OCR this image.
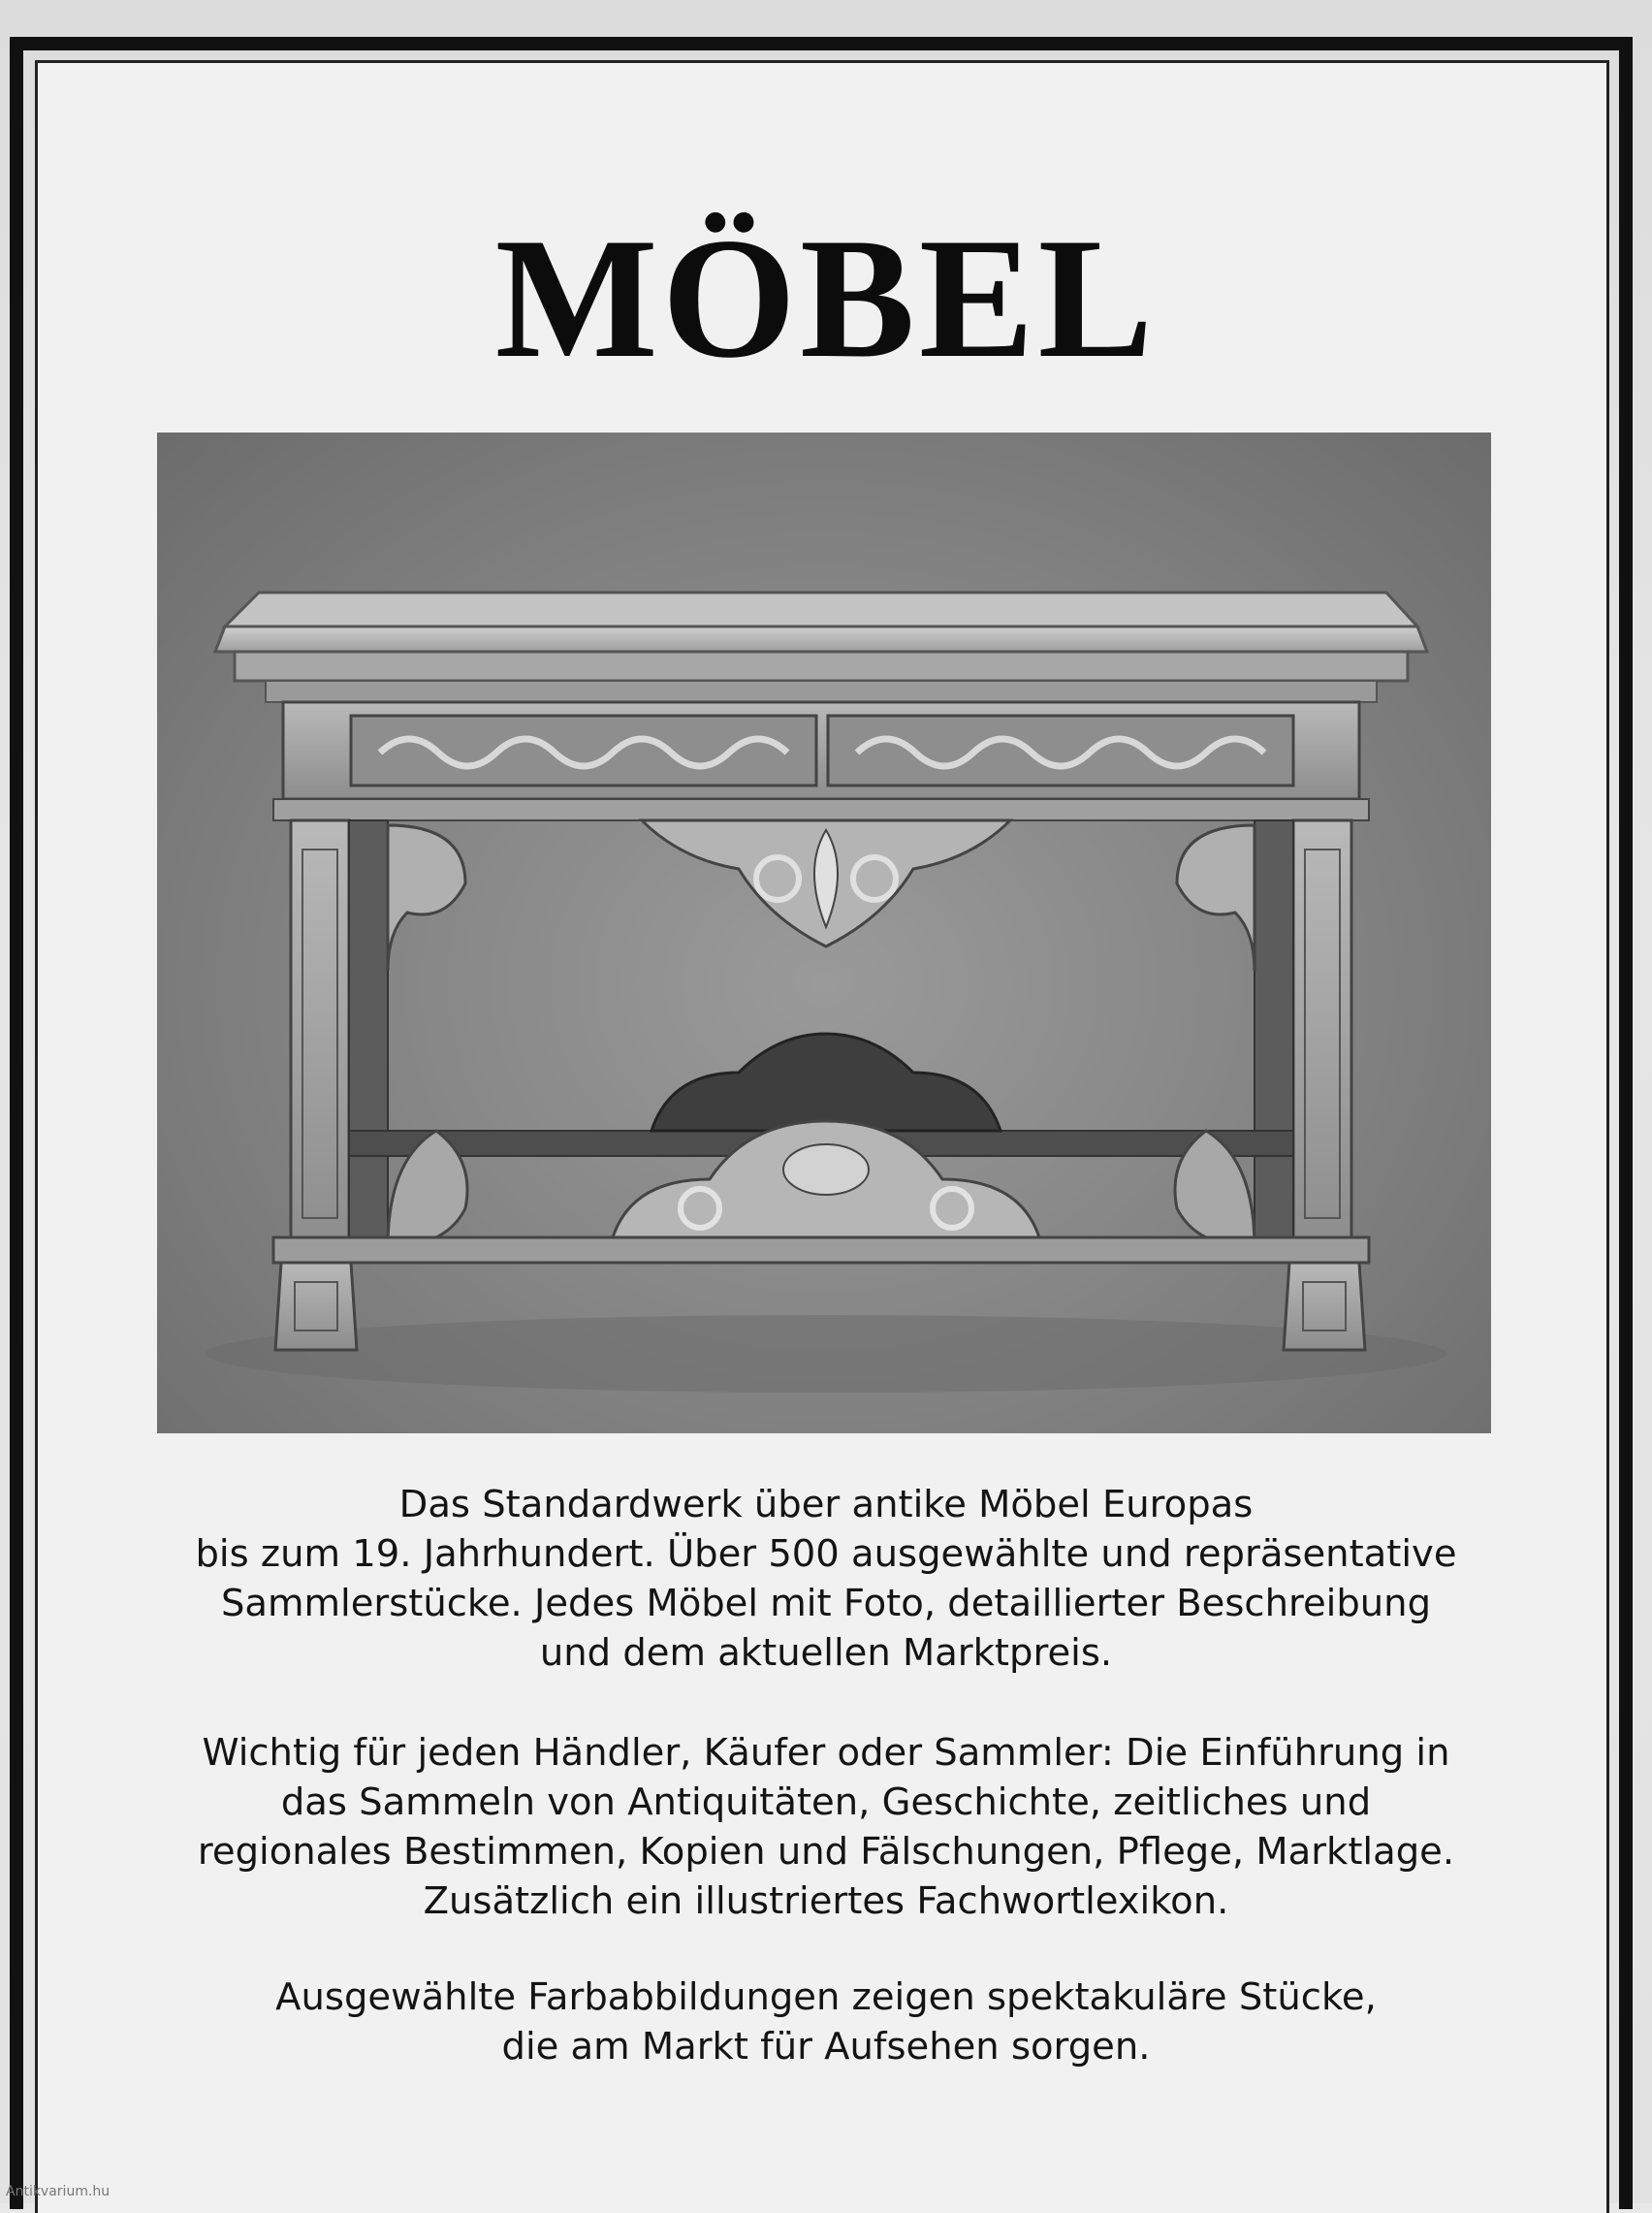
MÖBEL
Das Standardwerk über antike Möbel Europas
bis zum 19. Jahrhundert. Über 500 ausgewählte und repräsentative
Sammlerstücke. Jedes Möbel mit Foto, detaillierter Beschreibung
und dem aktuellen Marktpreis.
Wichtig für jeden Händler, Käufer oder Sammler: Die Einführung in
das Sammeln von Antiquitäten, Geschichte, zeitliches und
regionales Bestimmen, Kopien und Fälschungen, Pflege, Marktlage.
Zusätzlich ein illustriertes Fachwortlexikon.
Ausgewählte Farbabbildungen zeigen spektakuläre Stücke,
die am Markt für Aufsehen sorgen.
Antikvarium.hu
